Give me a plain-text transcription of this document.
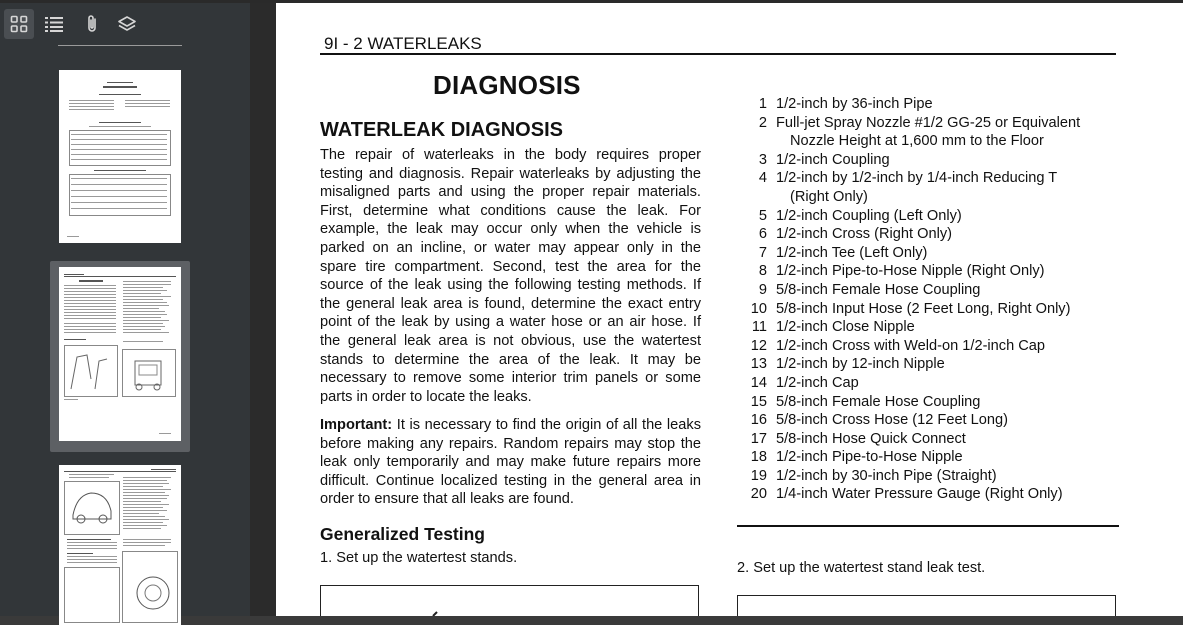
9I - 2 WATERLEAKS
DIAGNOSIS
WATERLEAK DIAGNOSIS

The repair of waterleaks in the body requires proper testing and diagnosis. Repair waterleaks by adjusting the misaligned parts and using the proper repair materials. First, determine what conditions cause the leak. For example, the leak may occur only when the vehicle is parked on an incline, or water may appear only in the spare tire compartment. Second, test the area for the source of the leak using the following testing methods. If the general leak area is found, determine the exact entry point of the leak by using a water hose or an air hose. If the general leak area is not obvious, use the watertest stands to determine the area of the leak. It may be necessary to remove some interior trim panels or some parts in order to locate the leaks.

Important: It is necessary to find the origin of all the leaks before making any repairs. Random repairs may stop the leak only temporarily and may make future repairs more difficult. Continue localized testing in the general area in order to ensure that all leaks are found.

Generalized Testing
1. Set up the watertest stands.
1 1/2-inch by 36-inch Pipe
2 Full-jet Spray Nozzle #1/2 GG-25 or Equivalent
Nozzle Height at 1,600 mm to the Floor
3 1/2-inch Coupling
4 1/2-inch by 1/2-inch by 1/4-inch Reducing T
(Right Only)
5 1/2-inch Coupling (Left Only)
6 1/2-inch Cross (Right Only)
7 1/2-inch Tee (Left Only)
8 1/2-inch Pipe-to-Hose Nipple (Right Only)
9 5/8-inch Female Hose Coupling
10 5/8-inch Input Hose (2 Feet Long, Right Only)
11 1/2-inch Close Nipple
12 1/2-inch Cross with Weld-on 1/2-inch Cap
13 1/2-inch by 12-inch Nipple
14 1/2-inch Cap
15 5/8-inch Female Hose Coupling
16 5/8-inch Cross Hose (12 Feet Long)
17 5/8-inch Hose Quick Connect
18 1/2-inch Pipe-to-Hose Nipple
19 1/2-inch by 30-inch Pipe (Straight)
20 1/4-inch Water Pressure Gauge (Right Only)
2. Set up the watertest stand leak test.
